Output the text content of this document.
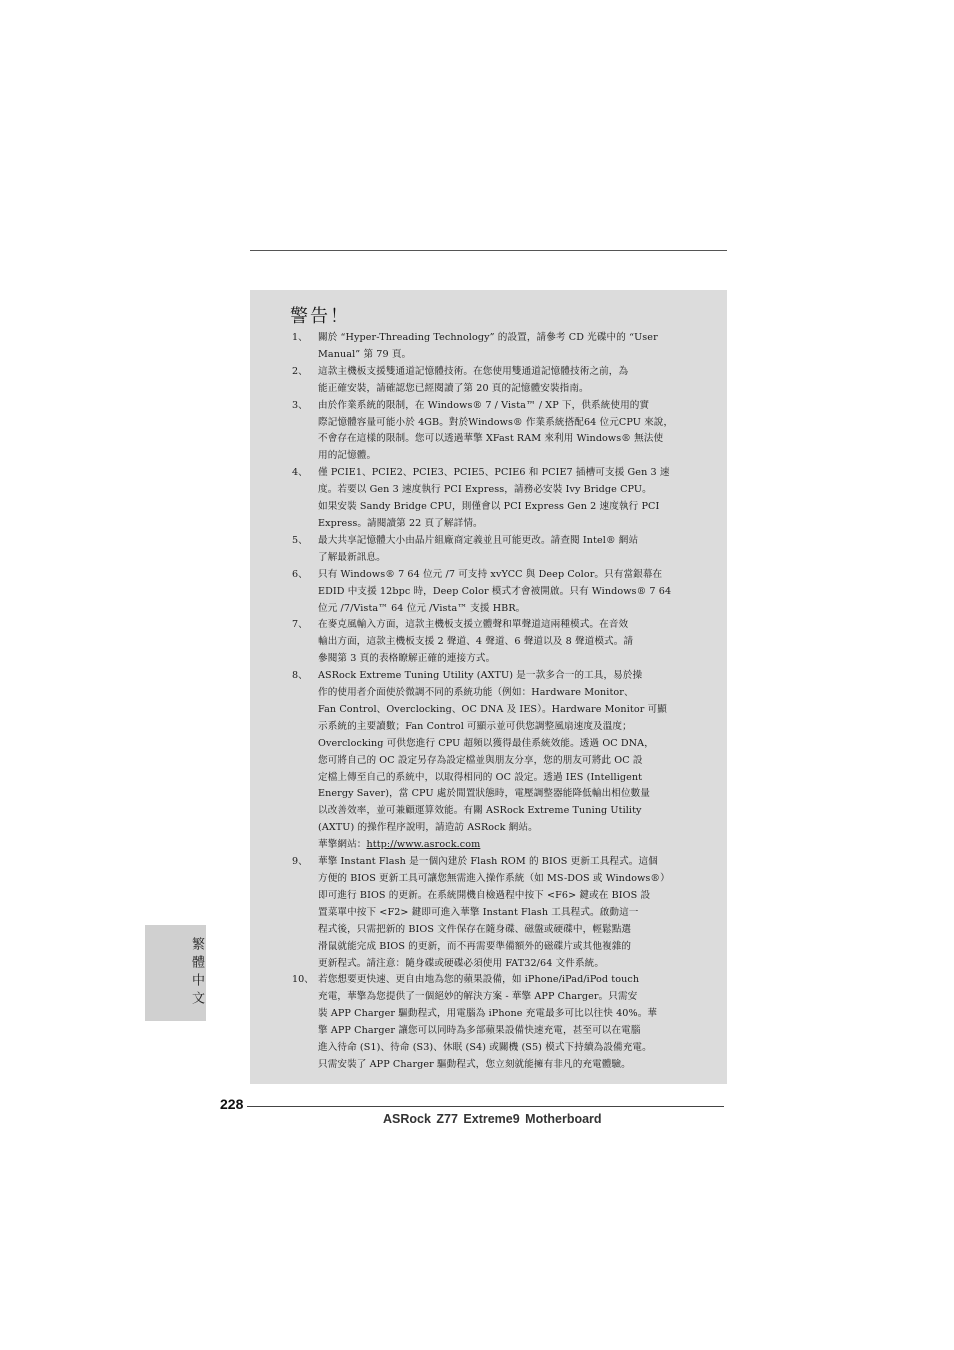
警告！
1、 關於 “Hyper-Threading Technology” 的設置，請參考 CD 光碟中的 “User
Manual” 第 79 頁。
2、 這款主機板支援雙通道記憶體技術。在您使用雙通道記憶體技術之前，為
能正確安裝，請確認您已經閱讀了第 20 頁的記憶體安裝指南。
3、 由於作業系統的限制，在 Windows® 7 / Vista™ / XP 下，供系統使用的實
際記憶體容量可能小於 4GB。對於Windows® 作業系統搭配64 位元CPU 來說，
不會存在這樣的限制。您可以透過華擎 XFast RAM 來利用 Windows® 無法使
用的記憶體。
4、 僅 PCIE1、PCIE2、PCIE3、PCIE5、PCIE6 和 PCIE7 插槽可支援 Gen 3 速
度。若要以 Gen 3 速度執行 PCI Express，請務必安裝 Ivy Bridge CPU。
如果安裝 Sandy Bridge CPU，則僅會以 PCI Express Gen 2 速度執行 PCI
Express。請閱讀第 22 頁了解詳情。
5、 最大共享記憶體大小由晶片組廠商定義並且可能更改。請查閱 Intel® 網站
了解最新訊息。
6、 只有 Windows® 7 64 位元 /7 可支持 xvYCC 與 Deep Color。只有當銀幕在
EDID 中支援 12bpc 時，Deep Color 模式才會被開啟。只有 Windows® 7 64
位元 /7/Vista™ 64 位元 /Vista™ 支援 HBR。
7、 在麥克風輸入方面，這款主機板支援立體聲和單聲道這兩種模式。在音效
輸出方面，這款主機板支援 2 聲道、4 聲道、6 聲道以及 8 聲道模式。請
參閱第 3 頁的表格瞭解正確的連接方式。
8、 ASRock Extreme Tuning Utility (AXTU) 是一款多合一的工具，易於操
作的使用者介面使於微調不同的系統功能（例如：Hardware Monitor、
Fan Control、Overclocking、OC DNA 及 IES）。Hardware Monitor 可顯
示系統的主要讀數；Fan Control 可顯示並可供您調整風扇速度及溫度；
Overclocking 可供您進行 CPU 超頻以獲得最佳系統效能。透過 OC DNA，
您可將自己的 OC 設定另存為設定檔並與朋友分享，您的朋友可將此 OC 設
定檔上傳至自己的系統中，以取得相同的 OC 設定。透過 IES (Intelligent
Energy Saver)，當 CPU 處於閒置狀態時，電壓調整器能降低輸出相位數量
以改善效率，並可兼顧運算效能。有關 ASRock Extreme Tuning Utility
(AXTU) 的操作程序說明，請造訪 ASRock 網站。
華擎網站：http://www.asrock.com
9、 華擎 Instant Flash 是一個內建於 Flash ROM 的 BIOS 更新工具程式。這個
方便的 BIOS 更新工具可讓您無需進入操作系統（如 MS-DOS 或 Windows®）
即可進行 BIOS 的更新。在系統開機自檢過程中按下 <F6> 鍵或在 BIOS 設
置菜單中按下 <F2> 鍵即可進入華擎 Instant Flash 工具程式。啟動這一
程式後，只需把新的 BIOS 文件保存在隨身碟、磁盤或硬碟中，輕鬆點選
滑鼠就能完成 BIOS 的更新，而不再需要準備額外的磁碟片或其他複雜的
更新程式。請注意：隨身碟或硬碟必須使用 FAT32/64 文件系統。
10、 若您想要更快速、更自由地為您的蘋果設備，如 iPhone/iPad/iPod touch
充電，華擎為您提供了一個絕妙的解決方案 - 華擎 APP Charger。只需安
裝 APP Charger 驅動程式，用電腦為 iPhone 充電最多可比以往快 40%。華
擎 APP Charger 讓您可以同時為多部蘋果設備快速充電，甚至可以在電腦
進入待命 (S1)、待命 (S3)、休眠 (S4) 或關機 (S5) 模式下持續為設備充電。
只需安裝了 APP Charger 驅動程式，您立刻就能擁有非凡的充電體驗。
繁體中文
228
ASRock Z77 Extreme9 Motherboard
